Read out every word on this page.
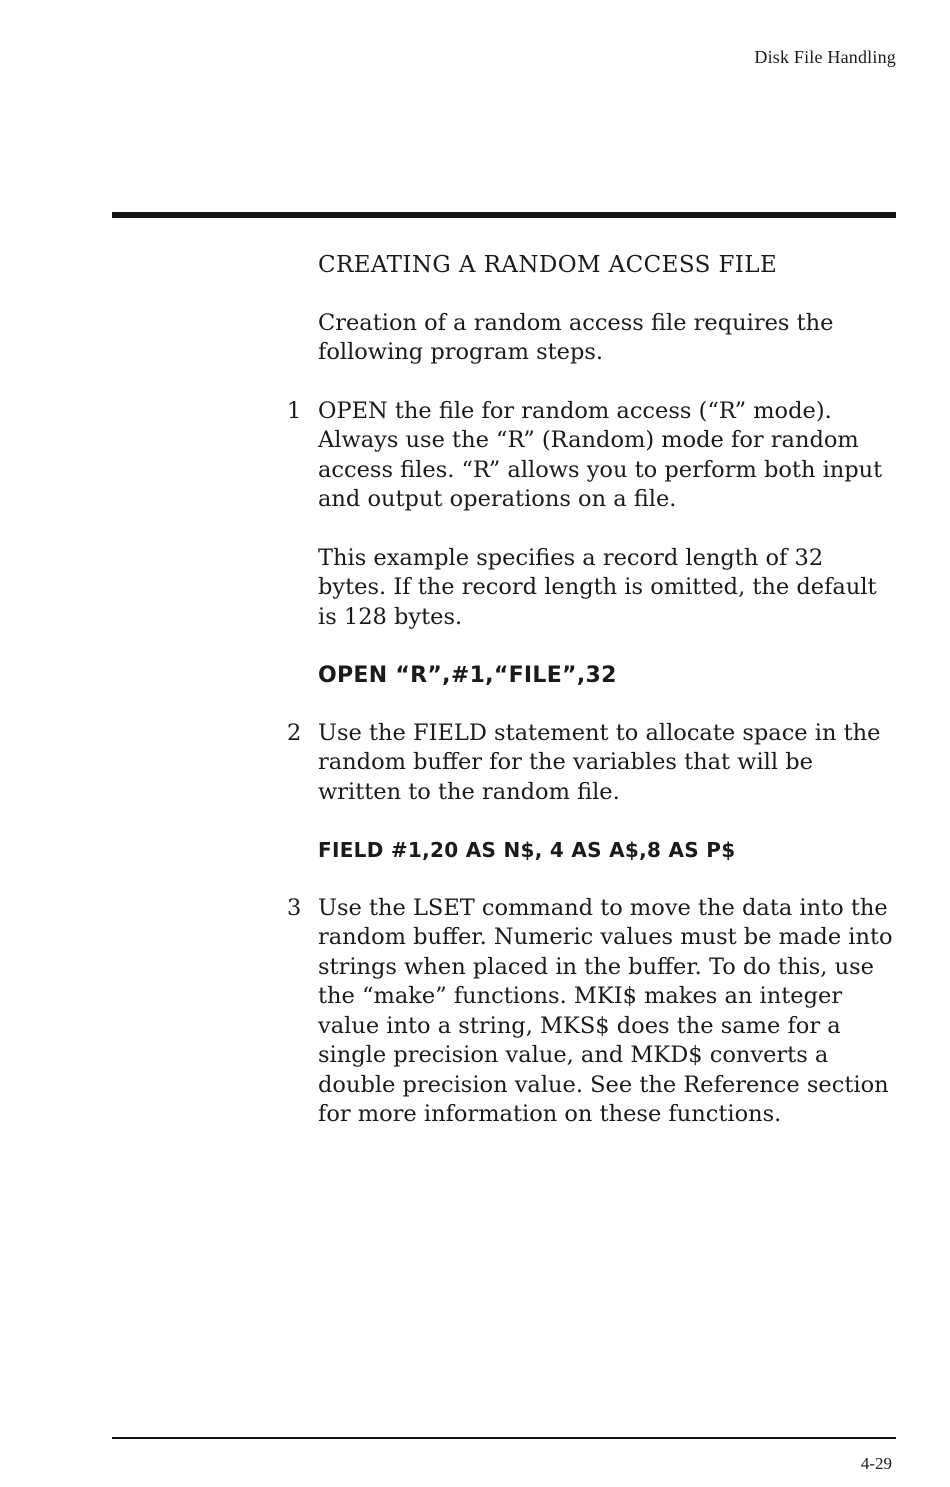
Disk File Handling
CREATING A RANDOM ACCESS FILE

Creation of a random access file requires the following program steps.

1 OPEN the file for random access (“R” mode). Always use the “R” (Random) mode for random access files. “R” allows you to perform both input and output operations on a file.

This example specifies a record length of 32 bytes. If the record length is omitted, the default is 128 bytes.

OPEN “R”,#1,“FILE”,32
2 Use the FIELD statement to allocate space in the random buffer for the variables that will be written to the random file.
FIELD #1,20 AS N$, 4 AS A$,8 AS P$
3 Use the LSET command to move the data into the random buffer. Numeric values must be made into strings when placed in the buffer. To do this, use the “make” functions. MKI$ makes an integer value into a string, MKS$ does the same for a single precision value, and MKD$ converts a double precision value. See the Reference section for more information on these functions.
4-29
